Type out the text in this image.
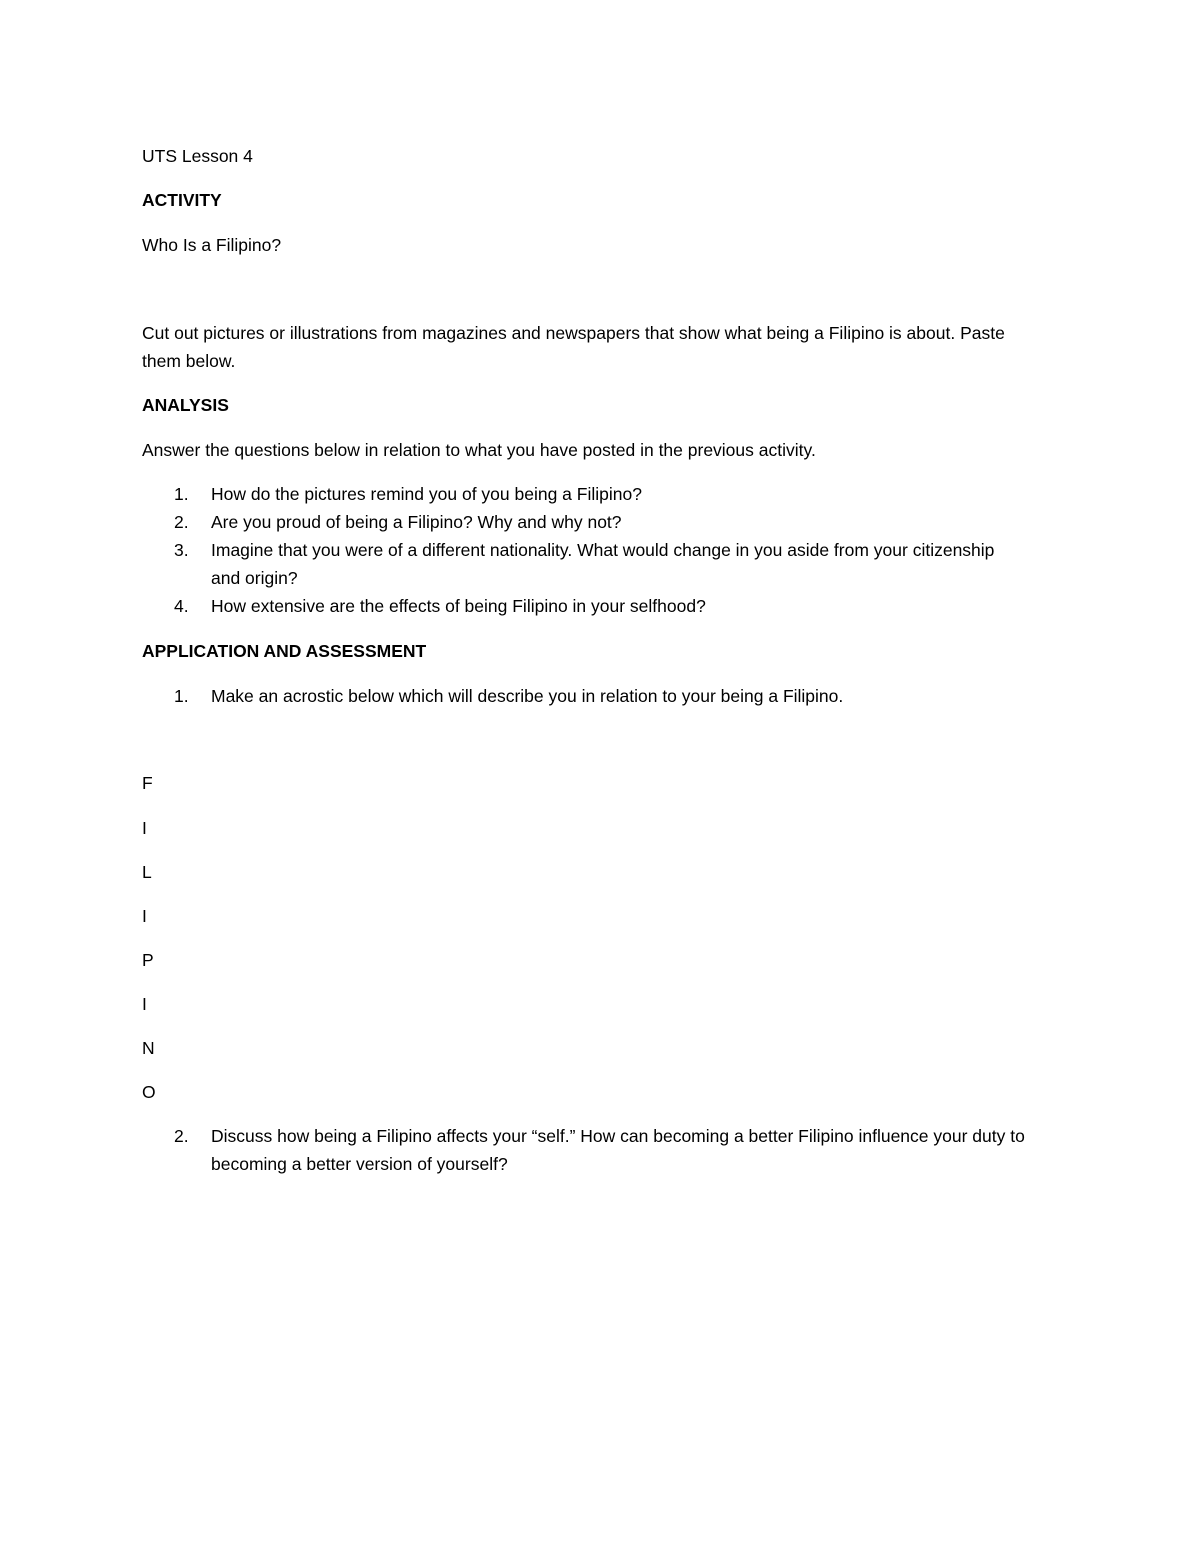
UTS Lesson 4
ACTIVITY
Who Is a Filipino?
Cut out pictures or illustrations from magazines and newspapers that show what being a Filipino is about. Paste them below.
ANALYSIS
Answer the questions below in relation to what you have posted in the previous activity.
1. How do the pictures remind you of you being a Filipino?
2. Are you proud of being a Filipino? Why and why not?
3. Imagine that you were of a different nationality. What would change in you aside from your citizenship and origin?
4. How extensive are the effects of being Filipino in your selfhood?
APPLICATION AND ASSESSMENT
1. Make an acrostic below which will describe you in relation to your being a Filipino.
F
I
L
I
P
I
N
O
2. Discuss how being a Filipino affects your “self.” How can becoming a better Filipino influence your duty to becoming a better version of yourself?
